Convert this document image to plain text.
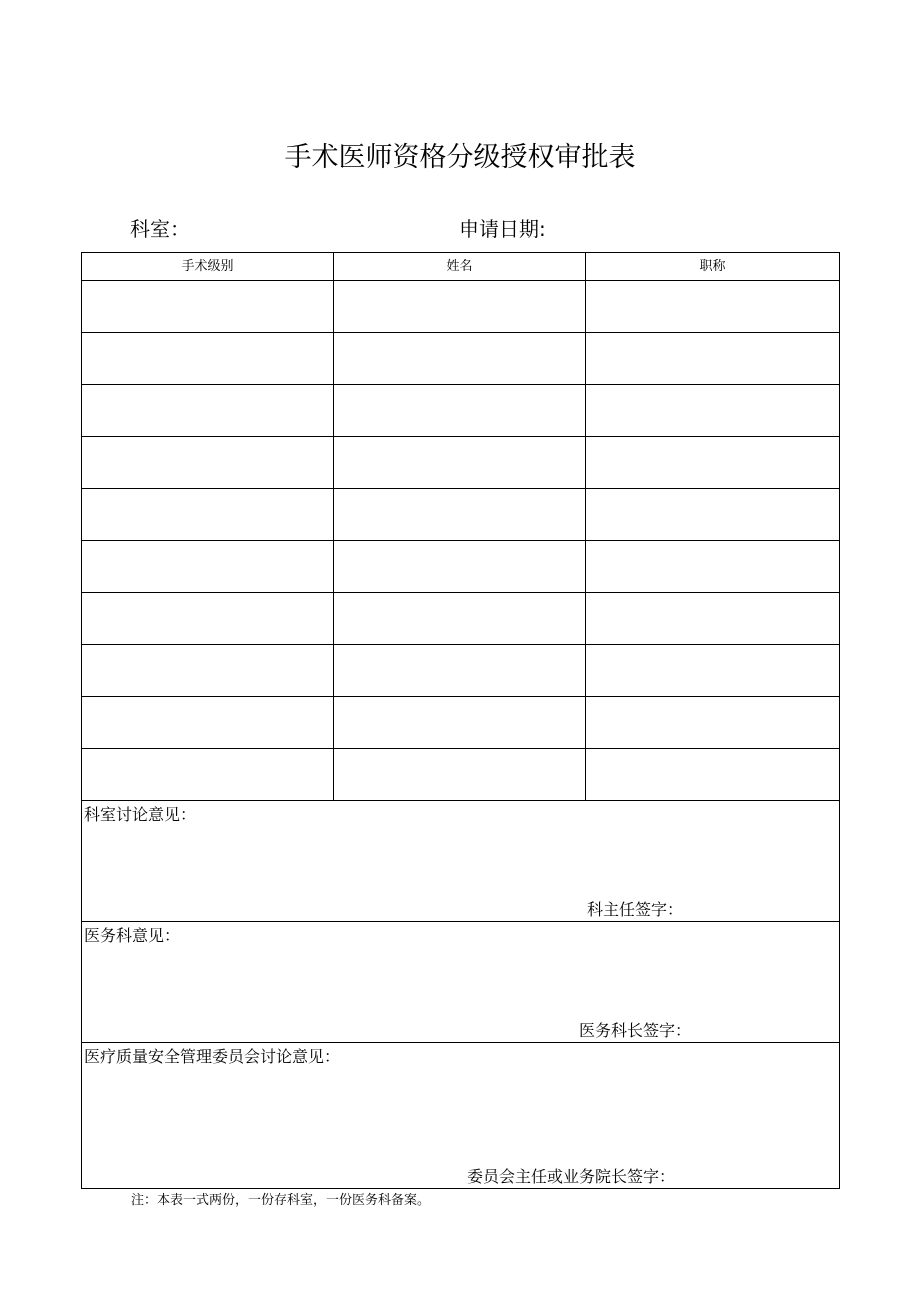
手术医师资格分级授权审批表
科室：	申请日期:
手术级别	姓名	职称

科室讨论意见：
科主任签字：		

医务科意见：
医务科长签字：		

医疗质量安全管理委员会讨论意见：
委员会主任或业务院长签字：		
注：本表一式两份，一份存科室，一份医务科备案。
